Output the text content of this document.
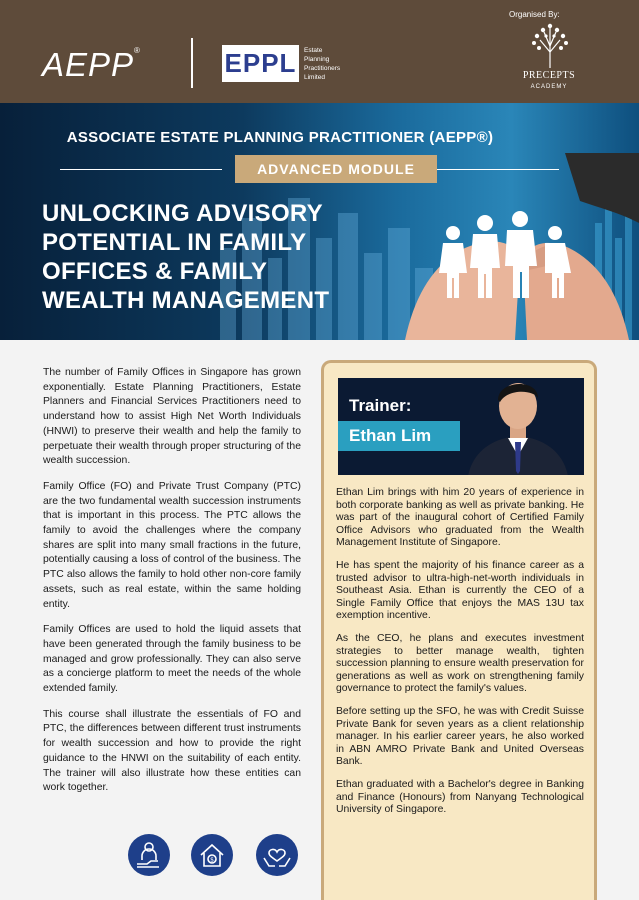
AEPP®	EPPL	Estate
Planning
Practitioners
Limited
Organised By:
PRECEPTS
ACADEMY
ASSOCIATE ESTATE PLANNING PRACTITIONER (AEPP®)
ADVANCED MODULE
UNLOCKING ADVISORY
POTENTIAL IN FAMILY
OFFICES & FAMILY
WEALTH MANAGEMENT

The number of Family Offices in Singapore has grown exponentially. Estate Planning Practitioners, Estate Planners and Financial Services Practitioners need to understand how to assist High Net Worth Individuals (HNWI) to preserve their wealth and help the family to perpetuate their wealth through proper structuring of the wealth succession.

Family Office (FO) and Private Trust Company (PTC) are the two fundamental wealth succession instruments that is important in this process. The PTC allows the family to avoid the challenges where the company shares are split into many small fractions in the future, potentially causing a loss of control of the business. The PTC also allows the family to hold other non-core family assets, such as real estate, within the same holding entity.

Family Offices are used to hold the liquid assets that have been generated through the family business to be managed and grow professionally. They can also serve as a concierge platform to meet the needs of the whole extended family.

This course shall illustrate the essentials of FO and PTC, the differences between different trust instruments for wealth succession and how to provide the right guidance to the HNWI on the suitability of each entity. The trainer will also illustrate how these entities can work together.

$
Trainer:
Ethan Lim

Ethan Lim brings with him 20 years of experience in both corporate banking as well as private banking. He was part of the inaugural cohort of Certified Family Office Advisors who graduated from the Wealth Management Institute of Singapore.

He has spent the majority of his finance career as a trusted advisor to ultra-high-net-worth individuals in Southeast Asia. Ethan is currently the CEO of a Single Family Office that enjoys the MAS 13U tax exemption incentive.

As the CEO, he plans and executes investment strategies to better manage wealth, tighten succession planning to ensure wealth preservation for generations as well as work on strengthening family governance to protect the family's values.

Before setting up the SFO, he was with Credit Suisse Private Bank for seven years as a client relationship manager. In his earlier career years, he also worked in ABN AMRO Private Bank and United Overseas Bank.

Ethan graduated with a Bachelor's degree in Banking and Finance (Honours) from Nanyang Technological University of Singapore.
